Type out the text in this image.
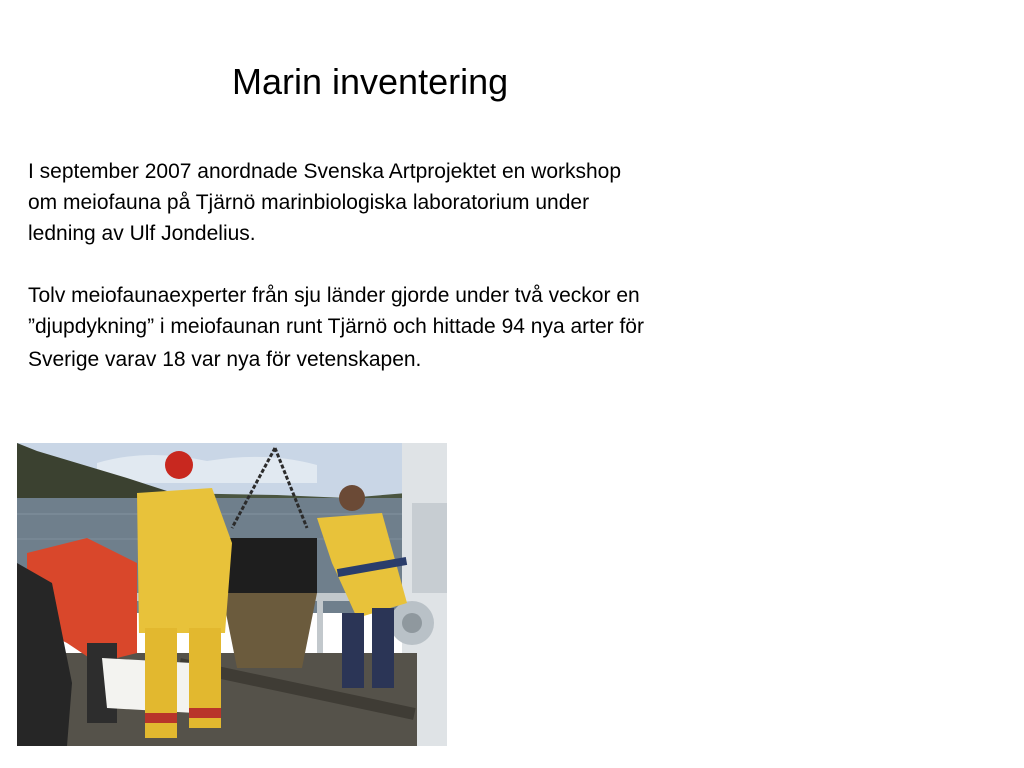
Marin inventering
I september 2007 anordnade Svenska Artprojektet en workshop
om meiofauna på Tjärnö marinbiologiska laboratorium under
ledning av Ulf Jondelius.
Tolv meiofaunaexperter från sju länder gjorde under två veckor en
”djupdykning” i meiofaunan runt Tjärnö och hittade 94 nya arter för
Sverige varav 18 var nya för vetenskapen.
